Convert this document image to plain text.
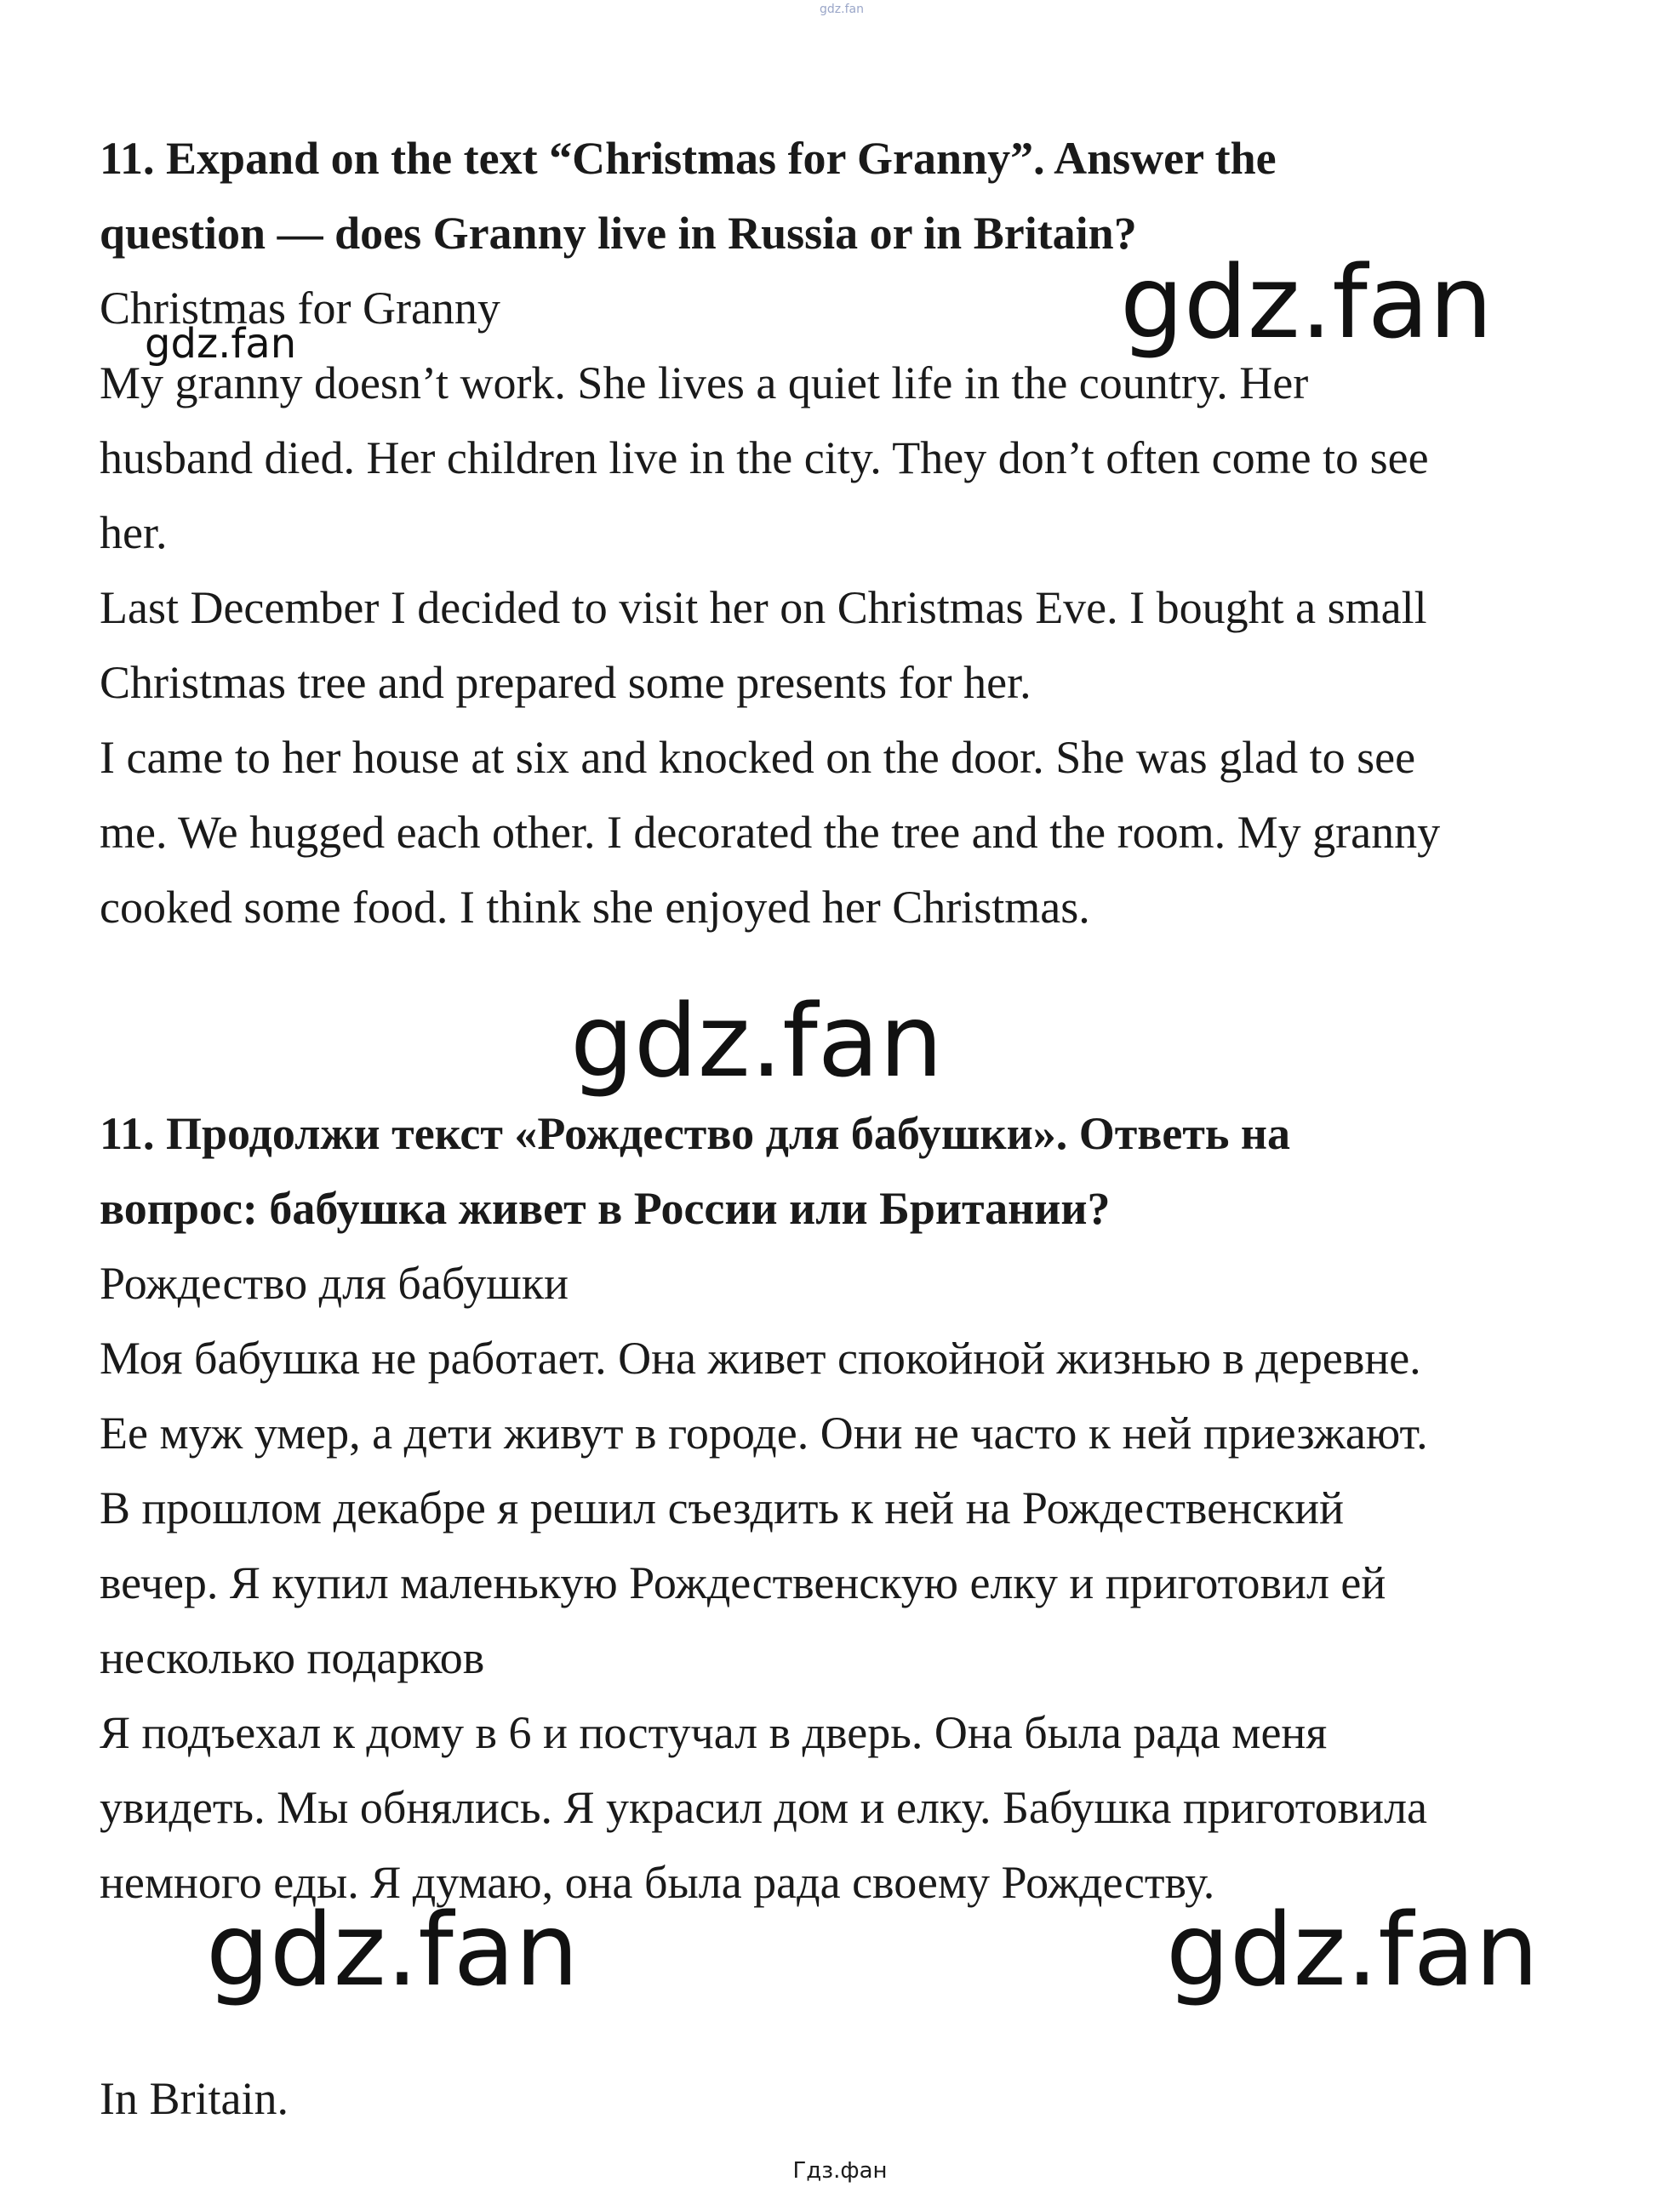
gdz.fan
11. Expand on the text “Christmas for Granny”. Answer the
question — does Granny live in Russia or in Britain?
Christmas for Granny
My granny doesn’t work. She lives a quiet life in the country. Her
husband died. Her children live in the city. They don’t often come to see
her.
Last December I decided to visit her on Christmas Eve. I bought a small
Christmas tree and prepared some presents for her.
I came to her house at six and knocked on the door. She was glad to see
me. We hugged each other. I decorated the tree and the room. My granny
cooked some food. I think she enjoyed her Christmas.
11. Продолжи текст «Рождество для бабушки». Ответь на
вопрос: бабушка живет в России или Британии?
Рождество для бабушки
Моя бабушка не работает. Она живет спокойной жизнью в деревне.
Ее муж умер, а дети живут в городе. Они не часто к ней приезжают.
В прошлом декабре я решил съездить к ней на Рождественский
вечер. Я купил маленькую Рождественскую елку и приготовил ей
несколько подарков
Я подъехал к дому в 6 и постучал в дверь. Она была рада меня
увидеть. Мы обнялись. Я украсил дом и елку. Бабушка приготовила
немного еды. Я думаю, она была рада своему Рождеству.
In Britain.
gdz.fan
gdz.fan
gdz.fan
gdz.fan	gdz.fan
Гдз.фан
